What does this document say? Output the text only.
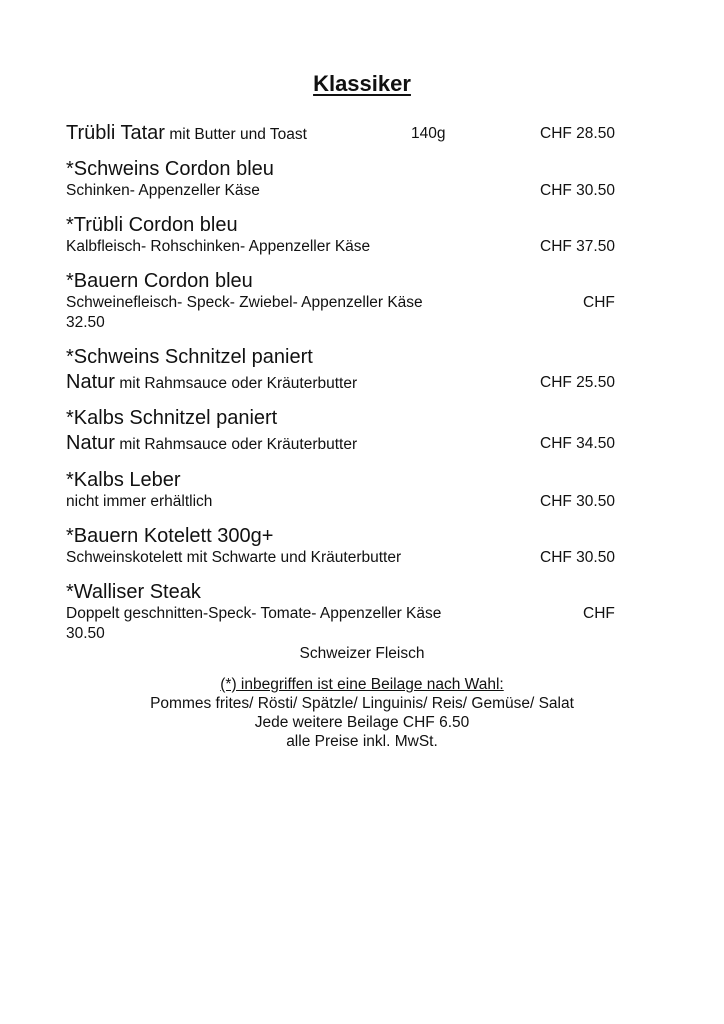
Klassiker
Trübli Tatar mit Butter und Toast	140g	CHF 28.50
*Schweins Cordon bleu
Schinken- Appenzeller Käse	CHF 30.50
*Trübli Cordon bleu
Kalbfleisch- Rohschinken- Appenzeller Käse	CHF 37.50
*Bauern Cordon bleu
Schweinefleisch- Speck- Zwiebel- Appenzeller Käse	CHF
32.50
*Schweins Schnitzel paniert
Natur mit Rahmsauce oder Kräuterbutter	CHF 25.50
*Kalbs Schnitzel paniert
Natur mit Rahmsauce oder Kräuterbutter	CHF 34.50
*Kalbs Leber
nicht immer erhältlich	CHF 30.50
*Bauern Kotelett 300g+
Schweinskotelett mit Schwarte und Kräuterbutter	CHF 30.50
*Walliser Steak
Doppelt geschnitten-Speck- Tomate- Appenzeller Käse	CHF
30.50
Schweizer Fleisch
(*) inbegriffen ist eine Beilage nach Wahl:
Pommes frites/ Rösti/ Spätzle/ Linguinis/ Reis/ Gemüse/ Salat
Jede weitere Beilage CHF 6.50
alle Preise inkl. MwSt.
